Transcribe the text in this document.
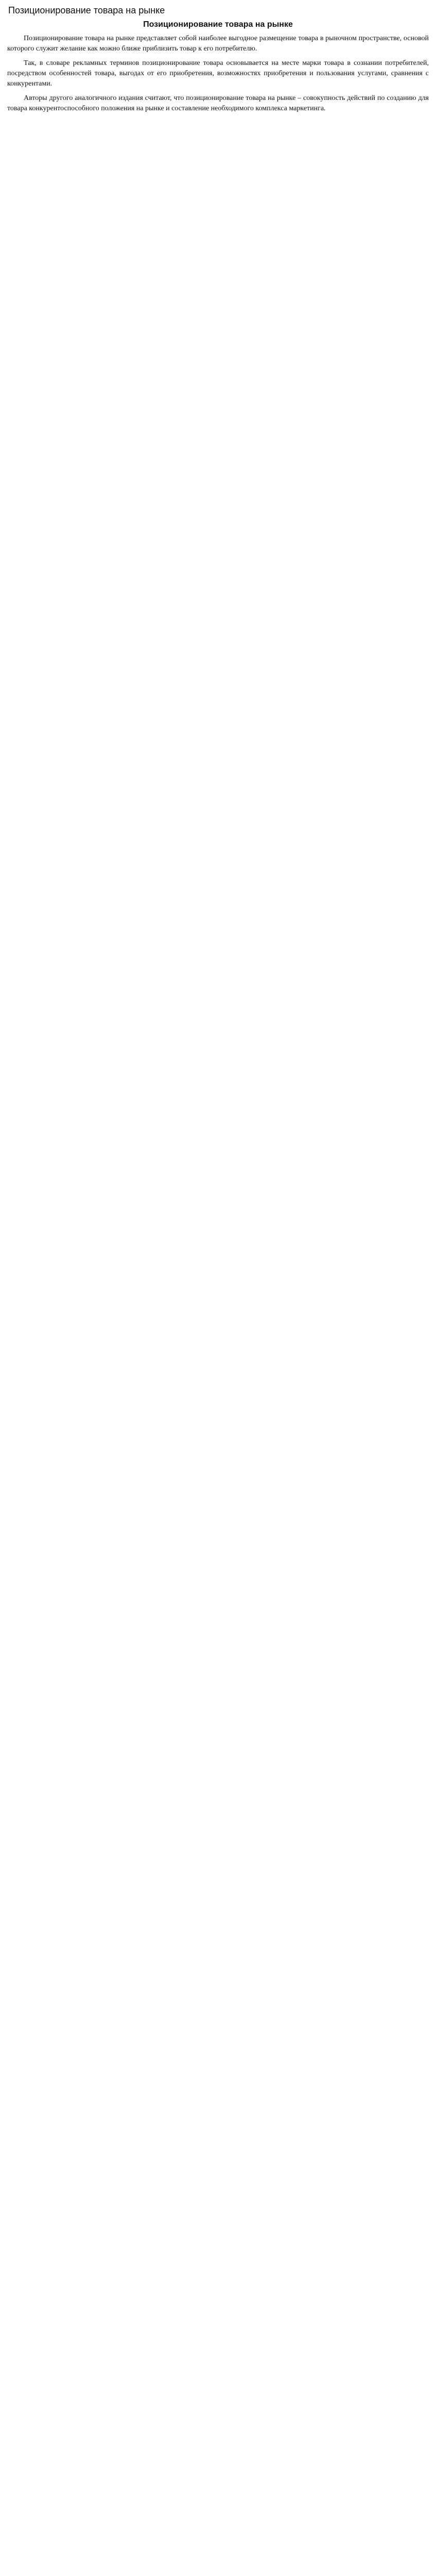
Позиционирование товара на рынке
Позиционирование товара на рынке

Позиционирование товара на рынке представляет собой наиболее выгодное размещение товара в рыночном пространстве, основой которого служит желание как можно ближе приблизить товар к его потребителю.

Так, в словаре рекламных терминов позиционирование товара основывается на месте марки товара в сознании потребителей, посредством особенностей товара, выгодах от его приобретения, возможностях приобретения и пользования услугами, сравнения с конкурентами.

Авторы другого аналогичного издания считают, что позиционирование товара на рынке – совокупность действий по созданию для товара конкурентоспособного положения на рынке и составление необходимого комплекса маркетинга.
